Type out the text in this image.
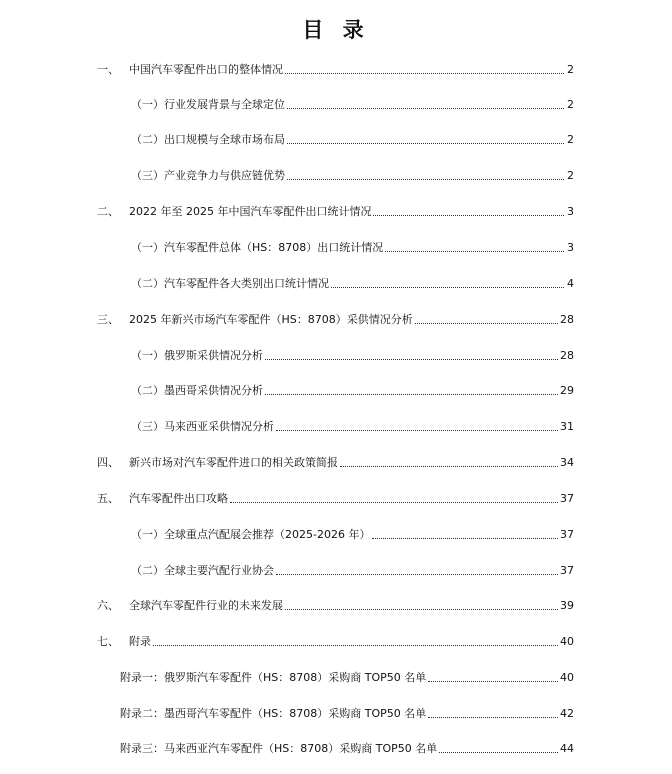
目 录
一、 中国汽车零配件出口的整体情况	2
（一） 行业发展背景与全球定位	2
（二） 出口规模与全球市场布局	2
（三） 产业竞争力与供应链优势	2
二、 2022 年至 2025 年中国汽车零配件出口统计情况	3
（一） 汽车零配件总体（HS：8708）出口统计情况	3
（二） 汽车零配件各大类别出口统计情况	4
三、 2025 年新兴市场汽车零配件（HS：8708）采供情况分析	28
（一） 俄罗斯采供情况分析	28
（二） 墨西哥采供情况分析	29
（三） 马来西亚采供情况分析	31
四、 新兴市场对汽车零配件进口的相关政策简报	34
五、 汽车零配件出口攻略	37
（一） 全球重点汽配展会推荐（2025-2026 年）	37
（二） 全球主要汽配行业协会	37
六、 全球汽车零配件行业的未来发展	39
七、 附录	40
附录一：俄罗斯汽车零配件（HS：8708）采购商 TOP50 名单	40
附录二：墨西哥汽车零配件（HS：8708）采购商 TOP50 名单	42
附录三：马来西亚汽车零配件（HS：8708）采购商 TOP50 名单	44
